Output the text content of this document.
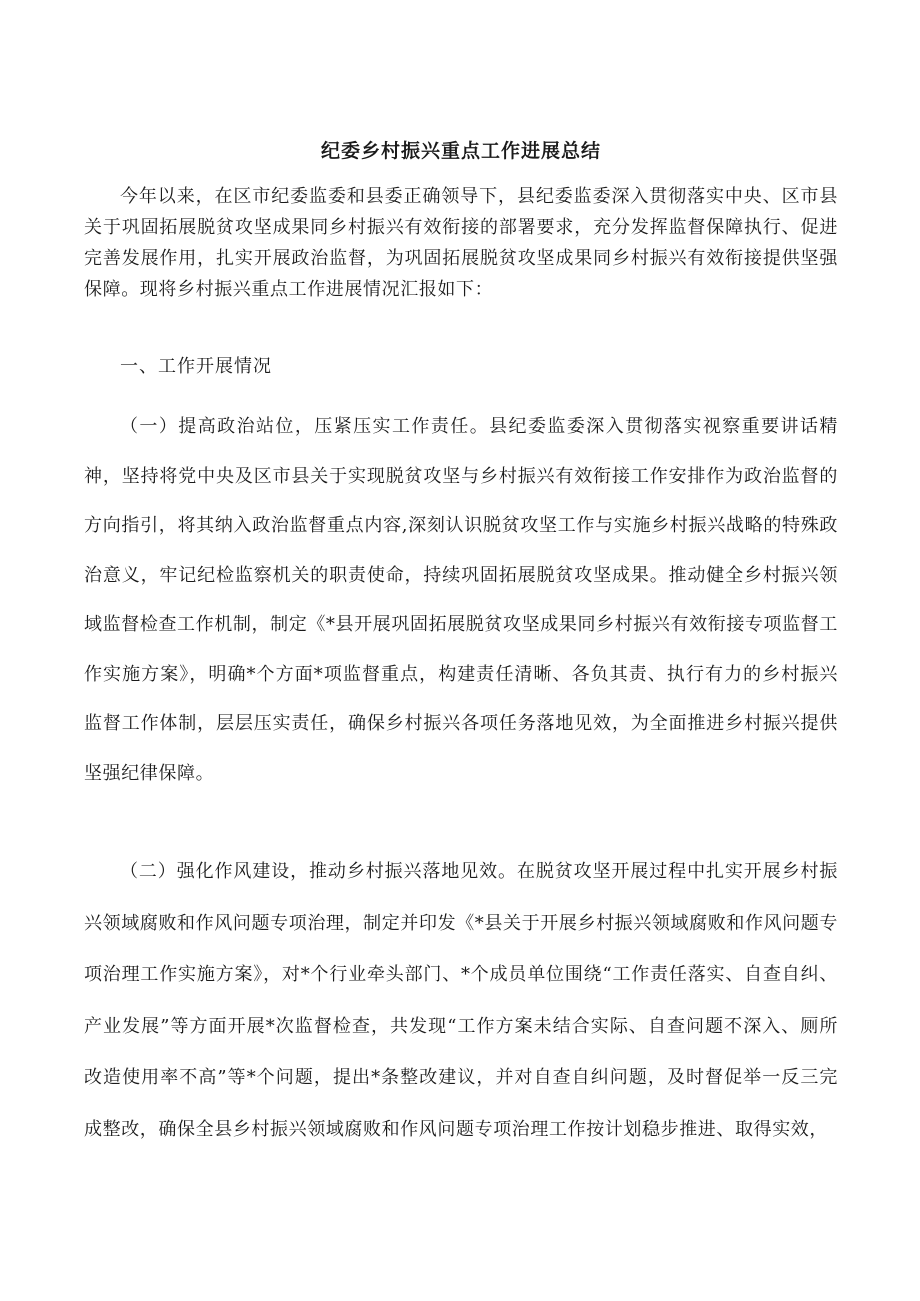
纪委乡村振兴重点工作进展总结

今年以来，在区市纪委监委和县委正确领导下，县纪委监委深入贯彻落实中央、区市县关于巩固拓展脱贫攻坚成果同乡村振兴有效衔接的部署要求，充分发挥监督保障执行、促进完善发展作用，扎实开展政治监督，为巩固拓展脱贫攻坚成果同乡村振兴有效衔接提供坚强保障。现将乡村振兴重点工作进展情况汇报如下：

一、工作开展情况

（一）提高政治站位，压紧压实工作责任。县纪委监委深入贯彻落实视察重要讲话精神，坚持将党中央及区市县关于实现脱贫攻坚与乡村振兴有效衔接工作安排作为政治监督的方向指引，将其纳入政治监督重点内容,深刻认识脱贫攻坚工作与实施乡村振兴战略的特殊政治意义，牢记纪检监察机关的职责使命，持续巩固拓展脱贫攻坚成果。推动健全乡村振兴领域监督检查工作机制，制定《*县开展巩固拓展脱贫攻坚成果同乡村振兴有效衔接专项监督工作实施方案》，明确*个方面*项监督重点，构建责任清晰、各负其责、执行有力的乡村振兴监督工作体制，层层压实责任，确保乡村振兴各项任务落地见效，为全面推进乡村振兴提供坚强纪律保障。

（二）强化作风建设，推动乡村振兴落地见效。在脱贫攻坚开展过程中扎实开展乡村振兴领域腐败和作风问题专项治理，制定并印发《*县关于开展乡村振兴领域腐败和作风问题专项治理工作实施方案》，对*个行业牵头部门、*个成员单位围绕“工作责任落实、自查自纠、产业发展”等方面开展*次监督检查，共发现“工作方案未结合实际、自查问题不深入、厕所改造使用率不高”等*个问题，提出*条整改建议，并对自查自纠问题，及时督促举一反三完成整改，确保全县乡村振兴领域腐败和作风问题专项治理工作按计划稳步推进、取得实效，
